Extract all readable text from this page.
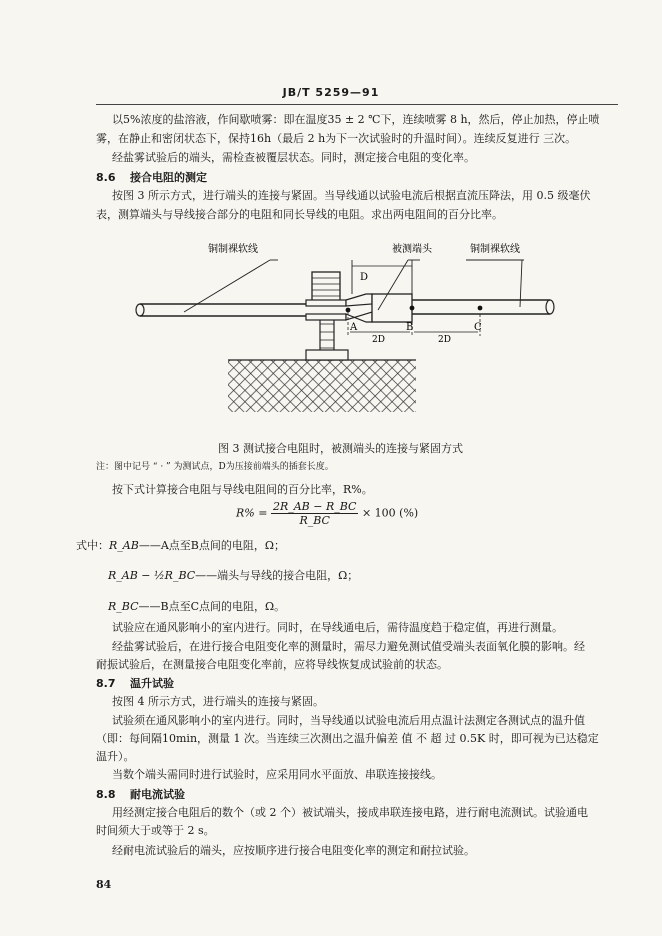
JB/T 5259—91
以5%浓度的盐溶液，作间歇喷雾：即在温度35 ± 2 ℃下，连续喷雾 8 h，然后，停止加热，停止喷
雾，在静止和密闭状态下，保持16h（最后 2 h为下一次试验时的升温时间）。连续反复进行 三次。
经盐雾试验后的端头，需检查被覆层状态。同时，测定接合电阻的变化率。
8.6 接合电阻的测定
按图 3 所示方式，进行端头的连接与紧固。当导线通以试验电流后根据直流压降法，用 0.5 级毫伏
表，测算端头与导线接合部分的电阻和同长导线的电阻。求出两电阻间的百分比率。
铜制裸软线	被测端头	铜制裸软线
D
A	B	C
2D	2D
图 3 测试接合电阻时，被测端头的连接与紧固方式
注：图中记号 “ · ” 为测试点，D为压接前端头的插套长度。
按下式计算接合电阻与导线电阻间的百分比率，R%。
$R\% = \frac{2R\_AB - R\_BC}{R\_BC} \times 100$ (%)
式中：R_AB——A点至B点间的电阻，Ω；
R_AB − ½R_BC——端头与导线的接合电阻，Ω；
R_BC——B点至C点间的电阻，Ω。
试验应在通风影响小的室内进行。同时，在导线通电后，需待温度趋于稳定值，再进行测量。
经盐雾试验后，在进行接合电阻变化率的测量时，需尽力避免测试值受端头表面氧化膜的影响。经
耐振试验后，在测量接合电阻变化率前，应将导线恢复成试验前的状态。
8.7 温升试验
按图 4 所示方式，进行端头的连接与紧固。
试验须在通风影响小的室内进行。同时，当导线通以试验电流后用点温计法测定各测试点的温升值
（即：每间隔10min，测量 1 次。当连续三次测出之温升偏差 值 不 超 过 0.5K 时，即可视为已达稳定
温升）。
当数个端头需同时进行试验时，应采用同水平面放、串联连接接线。
8.8 耐电流试验
用经测定接合电阻后的数个（或 2 个）被试端头，接成串联连接电路，进行耐电流测试。试验通电
时间须大于或等于 2 s。
经耐电流试验后的端头，应按顺序进行接合电阻变化率的测定和耐拉试验。
84
